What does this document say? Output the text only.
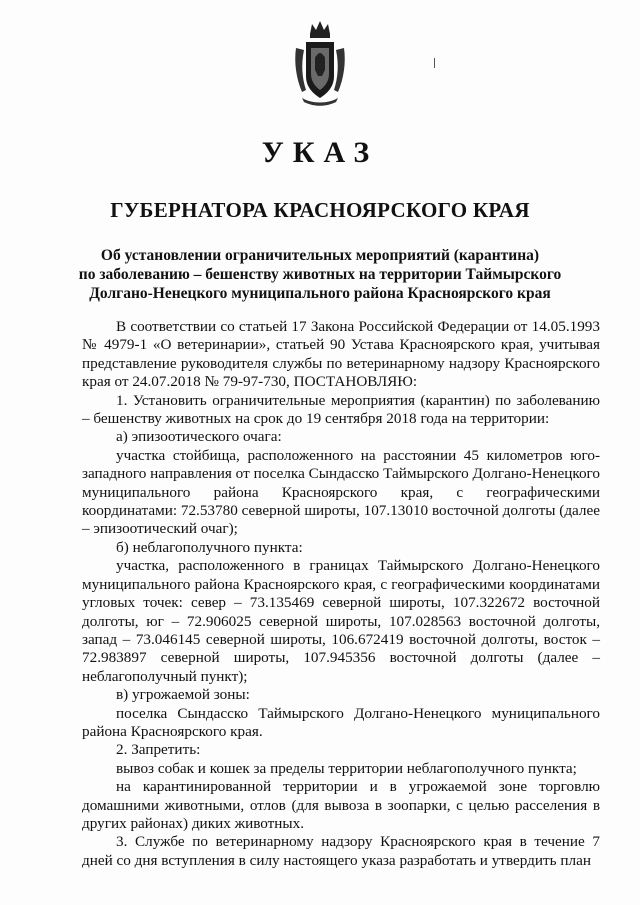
УКАЗ
ГУБЕРНАТОРА КРАСНОЯРСКОГО КРАЯ
Об установлении ограничительных мероприятий (карантина)
по заболеванию – бешенству животных на территории Таймырского
Долгано-Ненецкого муниципального района Красноярского края

В соответствии со статьей 17 Закона Российской Федерации от 14.05.1993 № 4979-1 «О ветеринарии», статьей 90 Устава Красноярского края, учитывая представление руководителя службы по ветеринарному надзору Красноярского края от 24.07.2018 № 79-97-730, ПОСТАНОВЛЯЮ:

1. Установить ограничительные мероприятия (карантин) по заболеванию – бешенству животных на срок до 19 сентября 2018 года на территории:

а) эпизоотического очага:

участка стойбища, расположенного на расстоянии 45 километров юго-западного направления от поселка Сындасско Таймырского Долгано-Ненецкого муниципального района Красноярского края, с географическими координатами: 72.53780 северной широты, 107.13010 восточной долготы (далее – эпизоотический очаг);

б) неблагополучного пункта:

участка, расположенного в границах Таймырского Долгано-Ненецкого муниципального района Красноярского края, с географическими координатами угловых точек: север – 73.135469 северной широты, 107.322672 восточной долготы, юг – 72.906025 северной широты, 107.028563 восточной долготы, запад – 73.046145 северной широты, 106.672419 восточной долготы, восток – 72.983897 северной широты, 107.945356 восточной долготы (далее – неблагополучный пункт);

в) угрожаемой зоны:

поселка Сындасско Таймырского Долгано-Ненецкого муниципального района Красноярского края.

2. Запретить:

вывоз собак и кошек за пределы территории неблагополучного пункта;

на карантинированной территории и в угрожаемой зоне торговлю домашними животными, отлов (для вывоза в зоопарки, с целью расселения в других районах) диких животных.

3. Службе по ветеринарному надзору Красноярского края в течение 7 дней со дня вступления в силу настоящего указа разработать и утвердить план
